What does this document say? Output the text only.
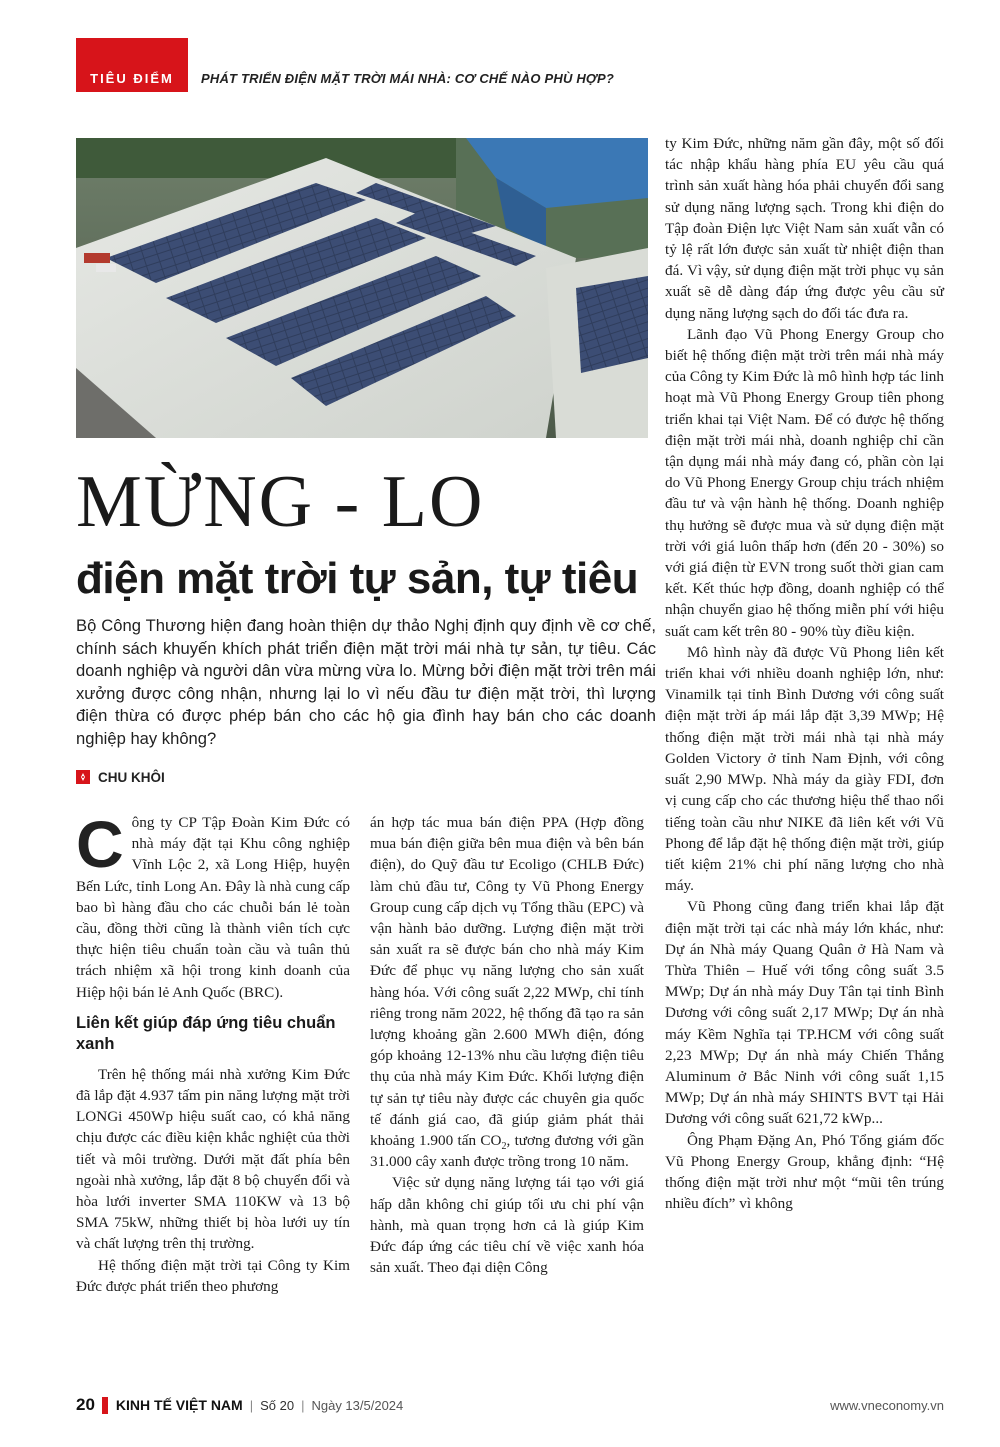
TIÊU ĐIỂM	PHÁT TRIỂN ĐIỆN MẶT TRỜI MÁI NHÀ: CƠ CHẾ NÀO PHÙ HỢP?
MỪNG - LO
điện mặt trời tự sản, tự tiêu
Bộ Công Thương hiện đang hoàn thiện dự thảo Nghị định quy định về cơ chế, chính sách khuyến khích phát triển điện mặt trời mái nhà tự sản, tự tiêu. Các doanh nghiệp và người dân vừa mừng vừa lo. Mừng bởi điện mặt trời trên mái xưởng được công nhận, nhưng lại lo vì nếu đầu tư điện mặt trời, thì lượng điện thừa có được phép bán cho các hộ gia đình hay bán cho các doanh nghiệp hay không?
CHU KHÔI

Công ty CP Tập Đoàn Kim Đức có nhà máy đặt tại Khu công nghiệp Vĩnh Lộc 2, xã Long Hiệp, huyện Bến Lức, tỉnh Long An. Đây là nhà cung cấp bao bì hàng đầu cho các chuỗi bán lẻ toàn cầu, đồng thời cũng là thành viên tích cực thực hiện tiêu chuẩn toàn cầu và tuân thủ trách nhiệm xã hội trong kinh doanh của Hiệp hội bán lẻ Anh Quốc (BRC).

Liên kết giúp đáp ứng tiêu chuẩn xanh

Trên hệ thống mái nhà xưởng Kim Đức đã lắp đặt 4.937 tấm pin năng lượng mặt trời LONGi 450Wp hiệu suất cao, có khả năng chịu được các điều kiện khắc nghiệt của thời tiết và môi trường. Dưới mặt đất phía bên ngoài nhà xưởng, lắp đặt 8 bộ chuyển đổi và hòa lưới inverter SMA 110KW và 13 bộ SMA 75kW, những thiết bị hòa lưới uy tín và chất lượng trên thị trường.

Hệ thống điện mặt trời tại Công ty Kim Đức được phát triển theo phương

án hợp tác mua bán điện PPA (Hợp đồng mua bán điện giữa bên mua điện và bên bán điện), do Quỹ đầu tư Ecoligo (CHLB Đức) làm chủ đầu tư, Công ty Vũ Phong Energy Group cung cấp dịch vụ Tổng thầu (EPC) và vận hành bảo dưỡng. Lượng điện mặt trời sản xuất ra sẽ được bán cho nhà máy Kim Đức để phục vụ năng lượng cho sản xuất hàng hóa. Với công suất 2,22 MWp, chỉ tính riêng trong năm 2022, hệ thống đã tạo ra sản lượng khoảng gần 2.600 MWh điện, đóng góp khoảng 12-13% nhu cầu lượng điện tiêu thụ của nhà máy Kim Đức. Khối lượng điện tự sản tự tiêu này được các chuyên gia quốc tế đánh giá cao, đã giúp giảm phát thải khoảng 1.900 tấn $CO_2$, tương đương với gần 31.000 cây xanh được trồng trong 10 năm.

Việc sử dụng năng lượng tái tạo với giá hấp dẫn không chỉ giúp tối ưu chi phí vận hành, mà quan trọng hơn cả là giúp Kim Đức đáp ứng các tiêu chí về việc xanh hóa sản xuất. Theo đại diện Công

ty Kim Đức, những năm gần đây, một số đối tác nhập khẩu hàng phía EU yêu cầu quá trình sản xuất hàng hóa phải chuyển đổi sang sử dụng năng lượng sạch. Trong khi điện do Tập đoàn Điện lực Việt Nam sản xuất vẫn có tỷ lệ rất lớn được sản xuất từ nhiệt điện than đá. Vì vậy, sử dụng điện mặt trời phục vụ sản xuất sẽ dễ dàng đáp ứng được yêu cầu sử dụng năng lượng sạch do đối tác đưa ra.

Lãnh đạo Vũ Phong Energy Group cho biết hệ thống điện mặt trời trên mái nhà máy của Công ty Kim Đức là mô hình hợp tác linh hoạt mà Vũ Phong Energy Group tiên phong triển khai tại Việt Nam. Để có được hệ thống điện mặt trời mái nhà, doanh nghiệp chỉ cần tận dụng mái nhà máy đang có, phần còn lại do Vũ Phong Energy Group chịu trách nhiệm đầu tư và vận hành hệ thống. Doanh nghiệp thụ hưởng sẽ được mua và sử dụng điện mặt trời với giá luôn thấp hơn (đến 20 - 30%) so với giá điện từ EVN trong suốt thời gian cam kết. Kết thúc hợp đồng, doanh nghiệp có thể nhận chuyển giao hệ thống miễn phí với hiệu suất cam kết trên 80 - 90% tùy điều kiện.

Mô hình này đã được Vũ Phong liên kết triển khai với nhiều doanh nghiệp lớn, như: Vinamilk tại tỉnh Bình Dương với công suất điện mặt trời áp mái lắp đặt 3,39 MWp; Hệ thống điện mặt trời mái nhà tại nhà máy Golden Victory ở tỉnh Nam Định, với công suất 2,90 MWp. Nhà máy da giày FDI, đơn vị cung cấp cho các thương hiệu thể thao nổi tiếng toàn cầu như NIKE đã liên kết với Vũ Phong để lắp đặt hệ thống điện mặt trời, giúp tiết kiệm 21% chi phí năng lượng cho nhà máy.

Vũ Phong cũng đang triển khai lắp đặt điện mặt trời tại các nhà máy lớn khác, như: Dự án Nhà máy Quang Quân ở Hà Nam và Thừa Thiên – Huế với tổng công suất 3.5 MWp; Dự án nhà máy Duy Tân tại tỉnh Bình Dương với công suất 2,17 MWp; Dự án nhà máy Kềm Nghĩa tại TP.HCM với công suất 2,23 MWp; Dự án nhà máy Chiến Thắng Aluminum ở Bắc Ninh với công suất 1,15 MWp; Dự án nhà máy SHINTS BVT tại Hải Dương với công suất 621,72 kWp...

Ông Phạm Đặng An, Phó Tổng giám đốc Vũ Phong Energy Group, khẳng định: “Hệ thống điện mặt trời như một “mũi tên trúng nhiều đích” vì không

20 KINH TẾ VIỆT NAM | Số 20 | Ngày 13/5/2024	www.vneconomy.vn
